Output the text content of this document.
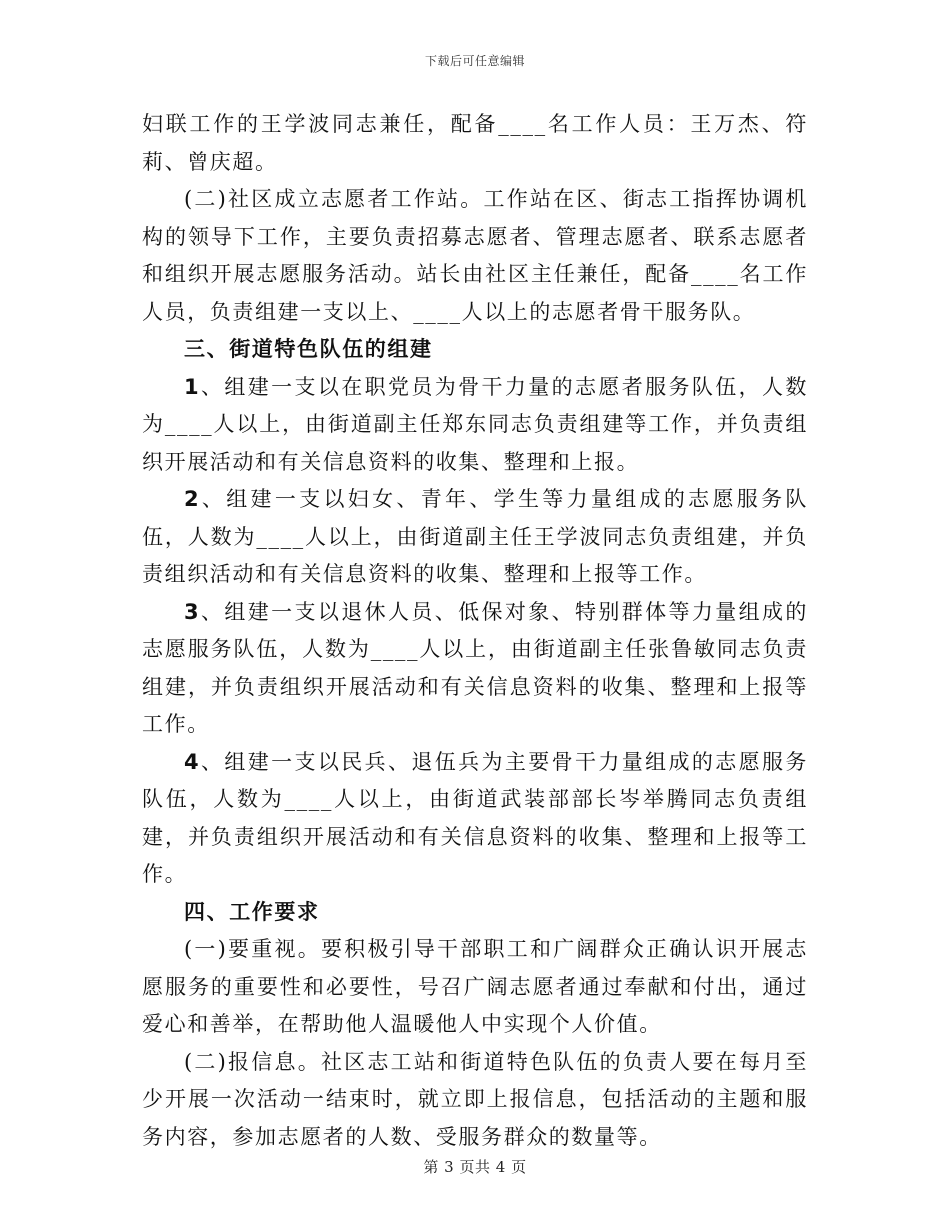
下载后可任意编辑

妇联工作的王学波同志兼任，配备____名工作人员：王万杰、符莉、曾庆超。

(二)社区成立志愿者工作站。工作站在区、街志工指挥协调机构的领导下工作，主要负责招募志愿者、管理志愿者、联系志愿者和组织开展志愿服务活动。站长由社区主任兼任，配备____名工作人员，负责组建一支以上、____人以上的志愿者骨干服务队。

三、街道特色队伍的组建

1、组建一支以在职党员为骨干力量的志愿者服务队伍，人数为____人以上，由街道副主任郑东同志负责组建等工作，并负责组织开展活动和有关信息资料的收集、整理和上报。

2、组建一支以妇女、青年、学生等力量组成的志愿服务队伍，人数为____人以上，由街道副主任王学波同志负责组建，并负责组织活动和有关信息资料的收集、整理和上报等工作。

3、组建一支以退休人员、低保对象、特别群体等力量组成的志愿服务队伍，人数为____人以上，由街道副主任张鲁敏同志负责组建，并负责组织开展活动和有关信息资料的收集、整理和上报等工作。

4、组建一支以民兵、退伍兵为主要骨干力量组成的志愿服务队伍，人数为____人以上，由街道武装部部长岑举腾同志负责组建，并负责组织开展活动和有关信息资料的收集、整理和上报等工作。

四、工作要求

(一)要重视。要积极引导干部职工和广阔群众正确认识开展志愿服务的重要性和必要性，号召广阔志愿者通过奉献和付出，通过爱心和善举，在帮助他人温暖他人中实现个人价值。

(二)报信息。社区志工站和街道特色队伍的负责人要在每月至少开展一次活动一结束时，就立即上报信息，包括活动的主题和服务内容，参加志愿者的人数、受服务群众的数量等。

第 3 页共 4 页
